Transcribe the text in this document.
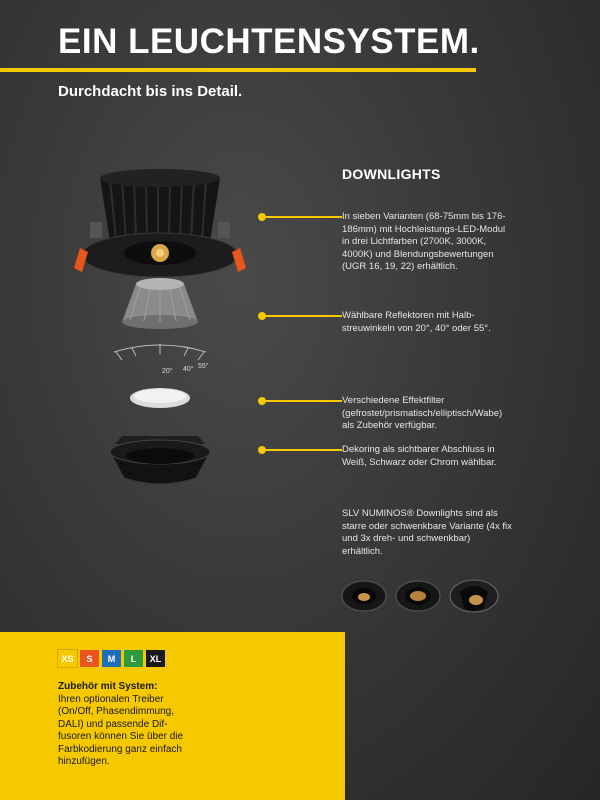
EIN LEUCHTENSYSTEM.
Durchdacht bis ins Detail.
20° 40° 55°
DOWNLIGHTS
In sieben Varianten (68-75mm bis 176-186mm) mit Hochleistungs-LED-Modul in drei Lichtfarben (2700K, 3000K, 4000K) und Blendungsbewertungen (UGR 16, 19, 22) erhältlich.
Wählbare Reflektoren mit Halb-streuwinkeln von 20°, 40° oder 55°.
Verschiedene Effektfilter (gefrostet/prismatisch/elliptisch/Wabe) als Zubehör verfügbar.
Dekoring als sichtbarer Abschluss in Weiß, Schwarz oder Chrom wählbar.
SLV NUMINOS® Downlights sind als starre oder schwenkbare Variante (4x fix und 3x dreh- und schwenkbar) erhältlich.
XS	S	M	L	XL
Zubehör mit System:
Ihren optionalen Treiber (On/Off, Phasendimmung, DALI) und passende Dif-fusoren können Sie über die Farbkodierung ganz einfach hinzufügen.
